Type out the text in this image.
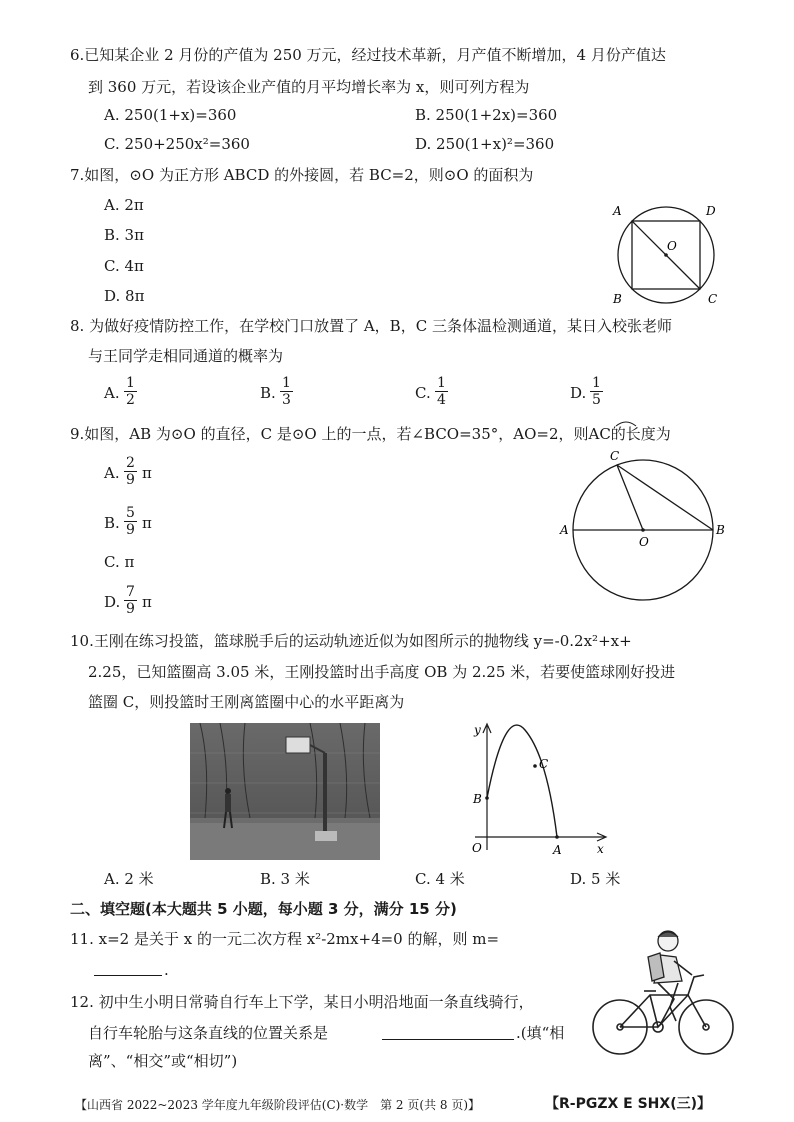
6.已知某企业 2 月份的产值为 250 万元，经过技术革新，月产值不断增加，4 月份产值达
到 360 万元，若设该企业产值的月平均增长率为 x，则可列方程为
A. 250(1+x)=360	B. 250(1+2x)=360
C. 250+250x²=360	D. 250(1+x)²=360
7.如图，⊙O 为正方形 ABCD 的外接圆，若 BC=2，则⊙O 的面积为
A. 2π
B. 3π
C. 4π
D. 8π
A	D
O
B	C
8. 为做好疫情防控工作，在学校门口放置了 A，B，C 三条体温检测通道，某日入校张老师
与王同学走相同通道的概率为
A. $\frac{1}{2}$	B. $\frac{1}{3}$	C. $\frac{1}{4}$	D. $\frac{1}{5}$
9.如图，AB 为⊙O 的直径，C 是⊙O 上的一点，若∠BCO=35°，AO=2，则AC的长度为
A. $\frac{2}{9}$ π
B. $\frac{5}{9}$ π
C. π
D. $\frac{7}{9}$ π
C
A	B
O
10.王刚在练习投篮，篮球脱手后的运动轨迹近似为如图所示的抛物线 y=-0.2x²+x+
2.25，已知篮圈高 3.05 米，王刚投篮时出手高度 OB 为 2.25 米，若要使篮球刚好投进
篮圈 C，则投篮时王刚离篮圈中心的水平距离为
y
x
O
B
C
A
A. 2 米	B. 3 米	C. 4 米	D. 5 米
二、填空题(本大题共 5 小题，每小题 3 分，满分 15 分)
11. x=2 是关于 x 的一元二次方程 x²-2mx+4=0 的解，则 m=
.
12. 初中生小明日常骑自行车上下学，某日小明沿地面一条直线骑行，
自行车轮胎与这条直线的位置关系是	.(填“相
离”、“相交”或“相切”)
【山西省 2022~2023 学年度九年级阶段评估(C)·数学　第 2 页(共 8 页)】	【R-PGZX E SHX(三)】
